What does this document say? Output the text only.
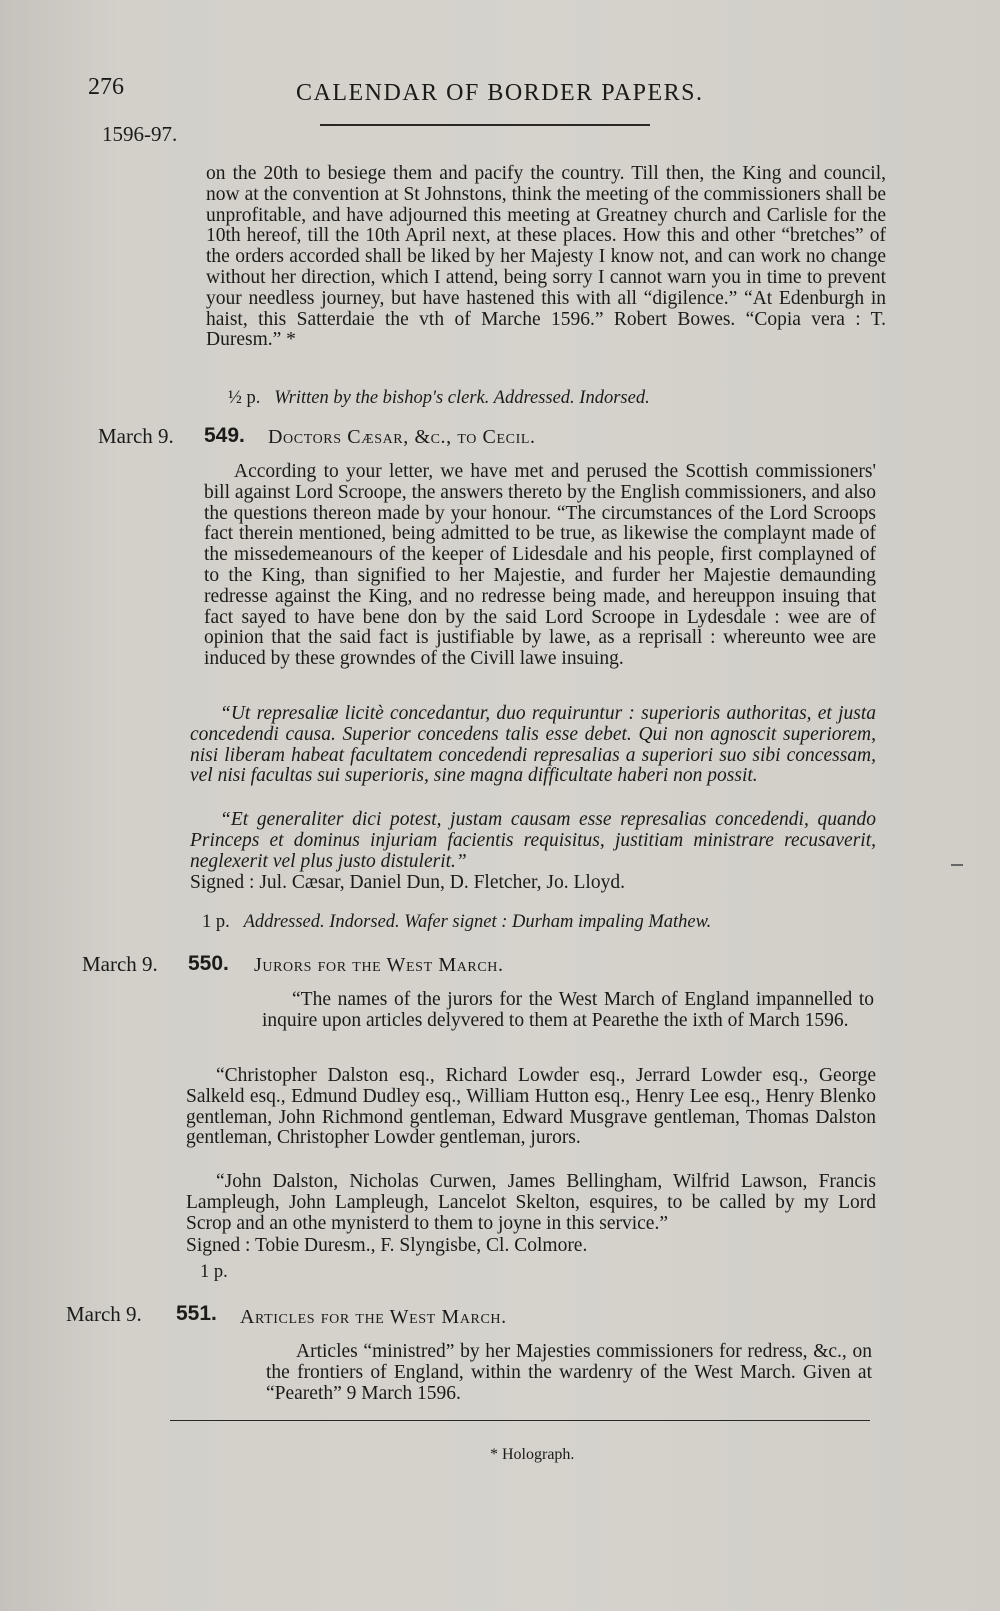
276	CALENDAR OF BORDER PAPERS.
1596-97.

on the 20th to besiege them and pacify the country. Till then, the King and council, now at the convention at St Johnstons, think the meeting of the commissioners shall be unprofitable, and have adjourned this meeting at Greatney church and Carlisle for the 10th hereof, till the 10th April next, at these places. How this and other “bretches” of the orders accorded shall be liked by her Majesty I know not, and can work no change without her direction, which I attend, being sorry I cannot warn you in time to prevent your needless journey, but have hastened this with all “digilence.” “At Edenburgh in haist, this Satterdaie the vth of Marche 1596.” Robert Bowes. “Copia vera : T. Duresm.” *

½ p. Written by the bishop's clerk. Addressed. Indorsed.
March 9. 549. Doctors Cæsar, &c., to Cecil.

According to your letter, we have met and perused the Scottish commissioners' bill against Lord Scroope, the answers thereto by the English commissioners, and also the questions thereon made by your honour. “The circumstances of the Lord Scroops fact therein mentioned, being admitted to be true, as likewise the complaynt made of the missedemeanours of the keeper of Lidesdale and his people, first complayned of to the King, than signified to her Majestie, and furder her Majestie demaunding redresse against the King, and no redresse being made, and hereuppon insuing that fact sayed to have bene don by the said Lord Scroope in Lydesdale : wee are of opinion that the said fact is justifiable by lawe, as a reprisall : whereunto wee are induced by these growndes of the Civill lawe insuing.

“Ut represaliæ licitè concedantur, duo requiruntur : superioris authoritas, et justa concedendi causa. Superior concedens talis esse debet. Qui non agnoscit superiorem, nisi liberam habeat facultatem concedendi represalias a superiori suo sibi concessam, vel nisi facultas sui superioris, sine magna difficultate haberi non possit.

“Et generaliter dici potest, justam causam esse represalias concedendi, quando Princeps et dominus injuriam facientis requisitus, justitiam ministrare recusaverit, neglexerit vel plus justo distulerit.”

Signed : Jul. Cæsar, Daniel Dun, D. Fletcher, Jo. Lloyd.

1 p. Addressed. Indorsed. Wafer signet : Durham impaling Mathew.
March 9. 550. Jurors for the West March.

“The names of the jurors for the West March of England impannelled to inquire upon articles delyvered to them at Pearethe the ixth of March 1596.

“Christopher Dalston esq., Richard Lowder esq., Jerrard Lowder esq., George Salkeld esq., Edmund Dudley esq., William Hutton esq., Henry Lee esq., Henry Blenko gentleman, John Richmond gentleman, Edward Musgrave gentleman, Thomas Dalston gentleman, Christopher Lowder gentleman, jurors.

“John Dalston, Nicholas Curwen, James Bellingham, Wilfrid Lawson, Francis Lampleugh, John Lampleugh, Lancelot Skelton, esquires, to be called by my Lord Scrop and an othe mynisterd to them to joyne in this service.”

Signed : Tobie Duresm., F. Slyngisbe, Cl. Colmore.

1 p.
March 9. 551. Articles for the West March.

Articles “ministred” by her Majesties commissioners for redress, &c., on the frontiers of England, within the wardenry of the West March. Given at “Peareth” 9 March 1596.

* Holograph.
